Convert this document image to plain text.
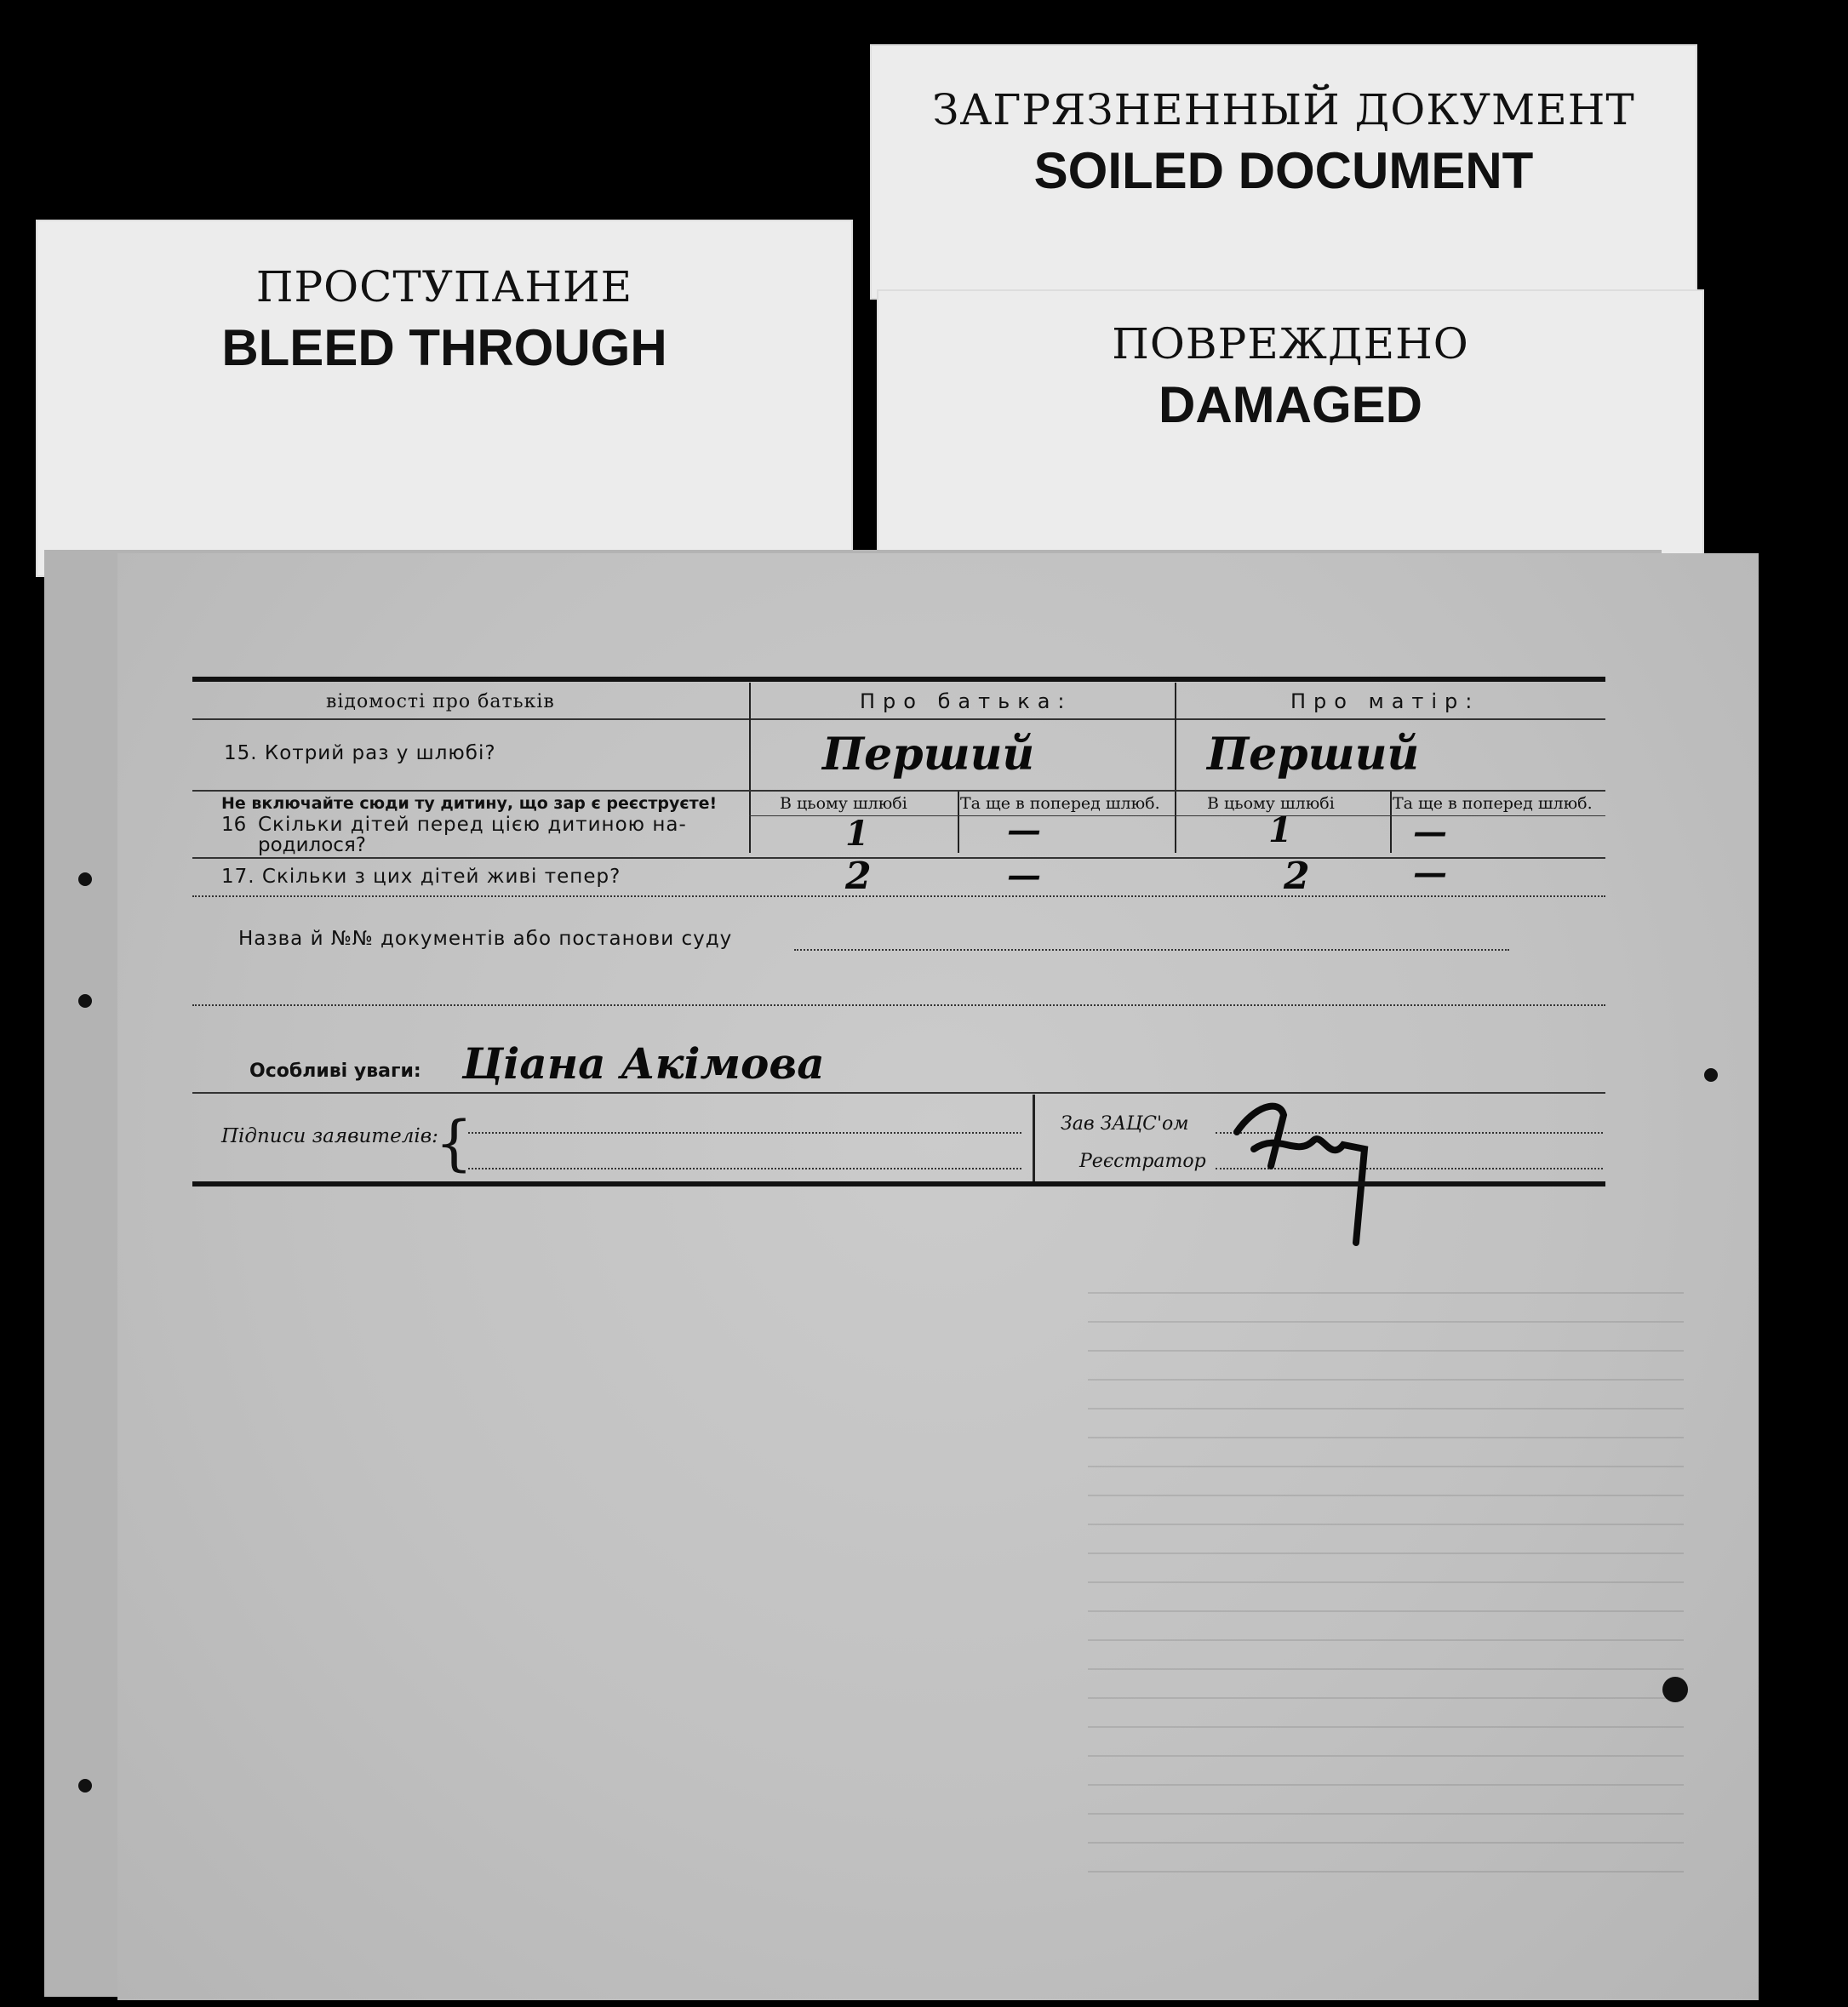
ЗАГРЯЗНЕННЫЙ ДОКУМЕНТ
SOILED DOCUMENT
ПРОСТУПАНИЕ
BLEED THROUGH	ПОВРЕЖДЕНО
DAMAGED
відомості про батьків	Про батька:	Про матір:
15. Котрий раз у шлюбі?	Перший	Перший
Не включайте сюди ту дитину, що зар є реєструєте!
16 Скільки дітей перед цією дитиною на-
родилося?
В цьому шлюбі	Та ще в поперед шлюб.	В цьому шлюбі	Та ще в поперед шлюб.
1	—	1	—
17. Скільки з цих дітей живі тепер?	2	—	2	—
Назва й №№ документів або постанови суду
Особливі уваги: Ціана Акімова
Підписи заявителів:
{	Зав ЗАЦС'ом
Реєстратор
